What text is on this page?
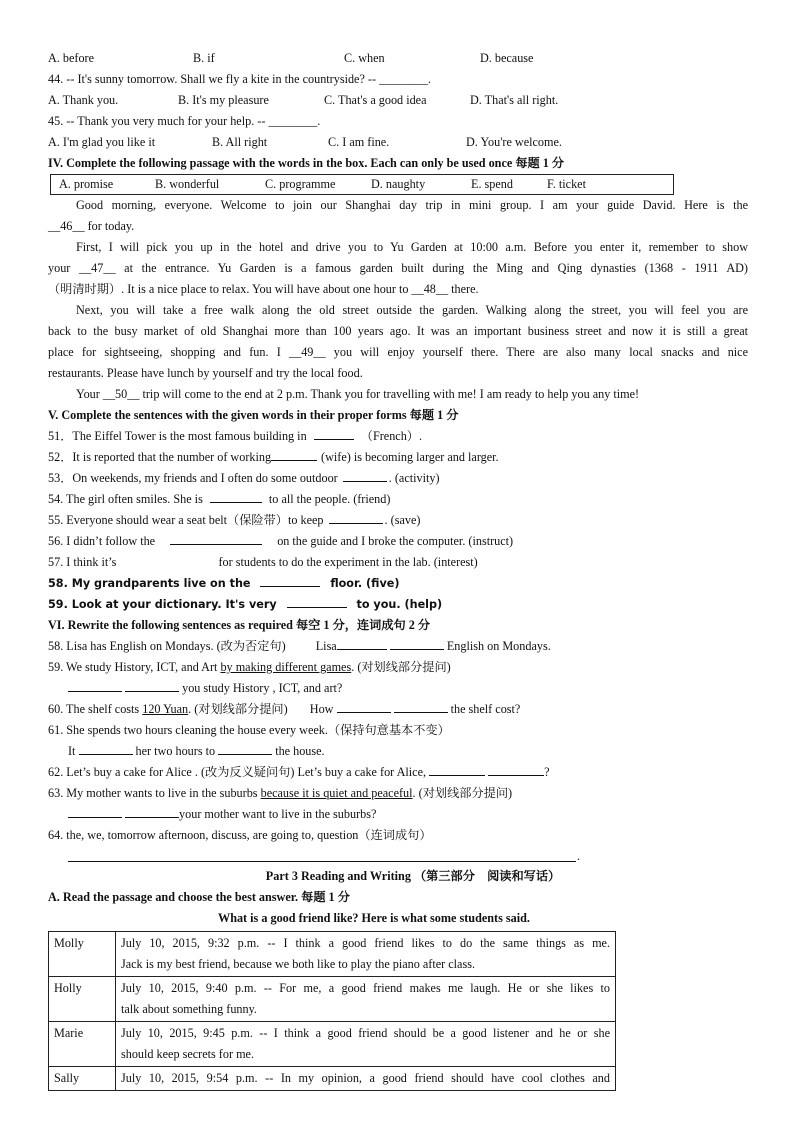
A. before	B. if	C. when	D. because
44. -- It's sunny tomorrow. Shall we fly a kite in the countryside? -- ________.
A. Thank you.	B. It's my pleasure	C. That's a good idea	D. That's all right.
45. -- Thank you very much for your help. -- ________.
A. I'm glad you like it	B. All right	C. I am fine.	D. You're welcome.
IV. Complete the following passage with the words in the box. Each can only be used once 每题 1 分
A. promise	B. wonderful	C. programme	D. naughty	E. spend	F. ticket
Good morning, everyone. Welcome to join our Shanghai day trip in mini group. I am your guide David. Here is the
__46__ for today.
First, I will pick you up in the hotel and drive you to Yu Garden at 10:00 a.m. Before you enter it, remember to show
your __47__ at the entrance. Yu Garden is a famous garden built during the Ming and Qing dynasties (1368 - 1911 AD)
（明清时期）. It is a nice place to relax. You will have about one hour to __48__ there.
Next, you will take a free walk along the old street outside the garden. Walking along the street, you will feel you are
back to the busy market of old Shanghai more than 100 years ago. It was an important business street and now it is still a great
place for sightseeing, shopping and fun. I __49__ you will enjoy yourself there. There are also many local snacks and nice
restaurants. Please have lunch by yourself and try the local food.
Your __50__ trip will come to the end at 2 p.m. Thank you for travelling with me! I am ready to help you any time!
V. Complete the sentences with the given words in their proper forms 每题 1 分
51．The Eiffel Tower is the most famous building in	（French）.
52．It is reported that the number of working	(wife) is becoming larger and larger.
53．On weekends, my friends and I often do some outdoor	. (activity)
54. The girl often smiles. She is	to all the people. (friend)
55. Everyone should wear a seat belt（保险带）to keep	. (save)
56. I didn’t follow the	on the guide and I broke the computer. (instruct)
57. I think it’s	for students to do the experiment in the lab. (interest)
58. My grandparents live on the	floor. (five)
59. Look at your dictionary. It's very	to you. (help)
VI. Rewrite the following sentences as required 每空 1 分，连词成句 2 分
58. Lisa has English on Mondays. (改为否定句) Lisa	English on Mondays.
59. We study History, ICT, and Art by making different games. (对划线部分提问)
you study History , ICT, and art?
60. The shelf costs 120 Yuan. (对划线部分提问) How	the shelf cost?
61. She spends two hours cleaning the house every week.（保持句意基本不变）
It	her two hours to	the house.
62. Let’s buy a cake for Alice . (改为反义疑问句) Let’s buy a cake for Alice,	?
63. My mother wants to live in the suburbs because it is quiet and peaceful. (对划线部分提问)
your mother want to live in the suburbs?
64. the, we, tomorrow afternoon, discuss, are going to, question（连词成句）
.
Part 3 Reading and Writing （第三部分　阅读和写话）
A. Read the passage and choose the best answer. 每题 1 分
What is a good friend like? Here is what some students said.
Molly	July 10, 2015, 9:32 p.m. -- I think a good friend likes to do the same things as me.
Jack is my best friend, because we both like to play the piano after class.

Holly	July 10, 2015, 9:40 p.m. -- For me, a good friend makes me laugh. He or she likes to
talk about something funny.

Marie	July 10, 2015, 9:45 p.m. -- I think a good friend should be a good listener and he or she
should keep secrets for me.

Sally	July 10, 2015, 9:54 p.m. -- In my opinion, a good friend should have cool clothes and
